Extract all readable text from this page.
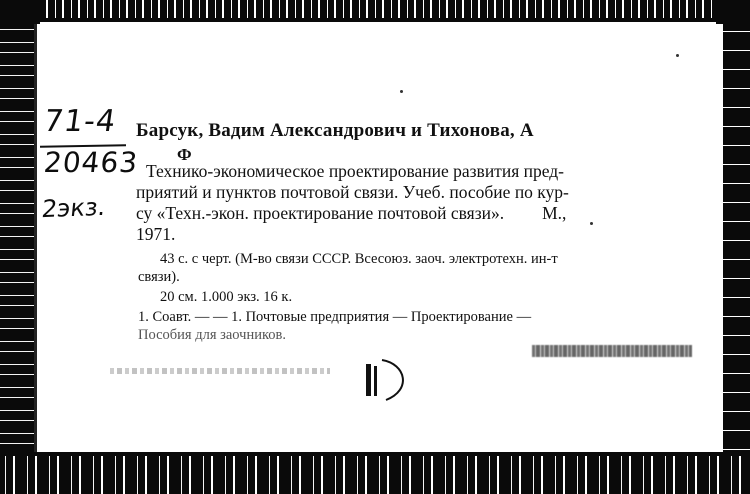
71-4
20463
2экз.
Барсук, Вадим Александрович и Тихонова, А
Ф
Технико-экономическое проектирование развития пред-
приятий и пунктов почтовой связи. Учеб. пособие по кур-
су «Техн.-экон. проектирование почтовой связи». М.,
1971.
43 с. с черт. (М-во связи СССР. Всесоюз. заоч. электротехн. ин-т
связи).
20 см. 1.000 экз. 16 к.
1. Соавт. — — 1. Почтовые предприятия — Проектирование —
Пособия для заочников.
